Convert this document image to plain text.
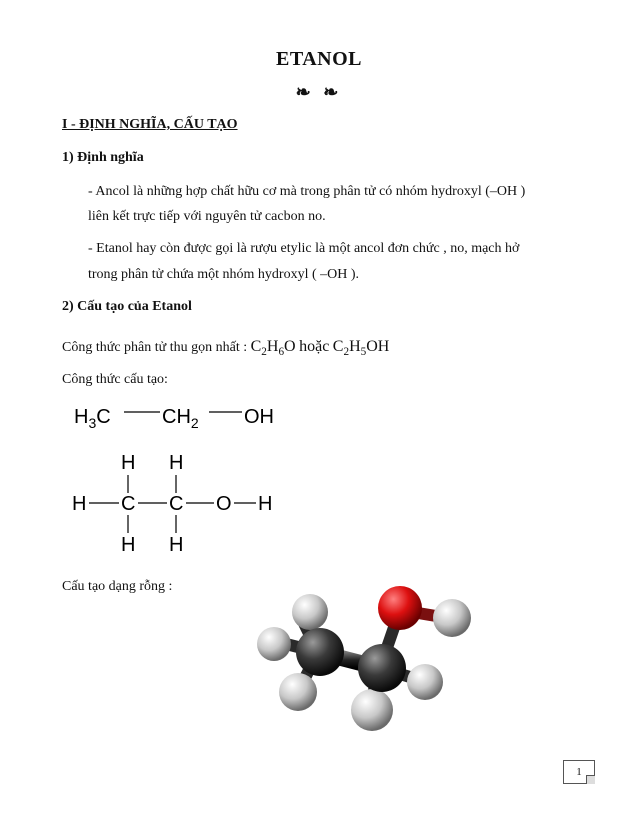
ETANOL
❧ ❧
I - ĐỊNH NGHĨA, CẤU TẠO
1) Định nghĩa
- Ancol là những hợp chất hữu cơ mà trong phân tử có nhóm hydroxyl (–OH )
liên kết trực tiếp với nguyên tử cacbon no.
- Etanol hay còn được gọi là rượu etylic là một ancol đơn chức , no, mạch hở
trong phân tử chứa một nhóm hydroxyl ( –OH ).
2) Cấu tạo của Etanol
Công thức phân tử thu gọn nhất : $C_2H_6O$ hoặc $C_2H_5OH$
Công thức cấu tạo:
$H_3C$	$CH_2$ OH
H H
H C C O H
H H
Cấu tạo dạng rỗng :
1
